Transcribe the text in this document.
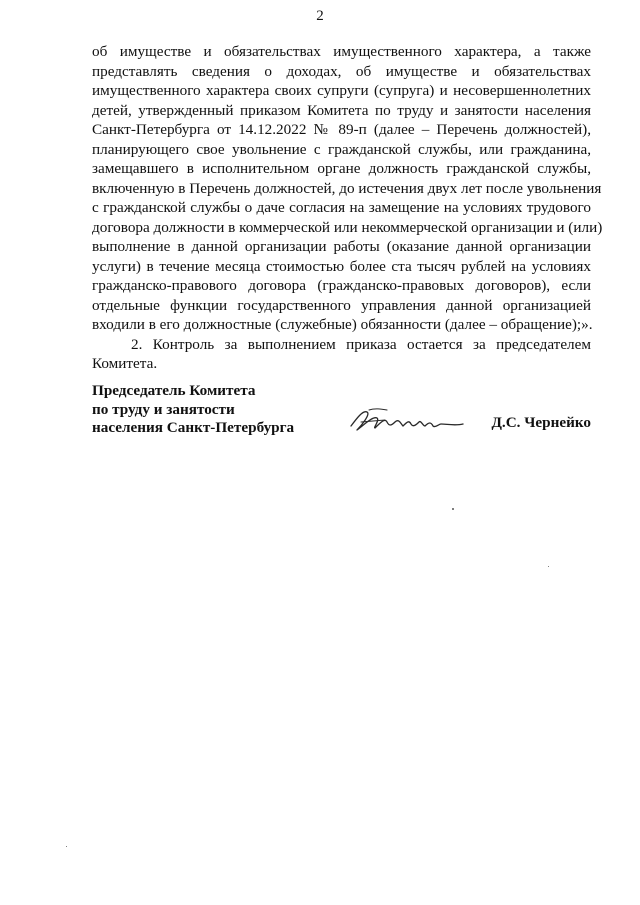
2
об имуществе и обязательствах имущественного характера, а также
представлять сведения о доходах, об имуществе и обязательствах
имущественного характера своих супруги (супруга) и несовершеннолетних
детей, утвержденный приказом Комитета по труду и занятости населения
Санкт-Петербурга от 14.12.2022 № 89-п (далее – Перечень должностей),
планирующего свое увольнение с гражданской службы, или гражданина,
замещавшего в исполнительном органе должность гражданской службы,
включенную в Перечень должностей, до истечения двух лет после увольнения
с гражданской службы о даче согласия на замещение на условиях трудового
договора должности в коммерческой или некоммерческой организации и (или)
выполнение в данной организации работы (оказание данной организации
услуги) в течение месяца стоимостью более ста тысяч рублей на условиях
гражданско-правового договора (гражданско-правовых договоров), если
отдельные функции государственного управления данной организацией
входили в его должностные (служебные) обязанности (далее – обращение);».
2. Контроль за выполнением приказа остается за председателем
Комитета.
Председатель Комитета
по труду и занятости
населения Санкт-Петербурга	Д.С. Чернейко
